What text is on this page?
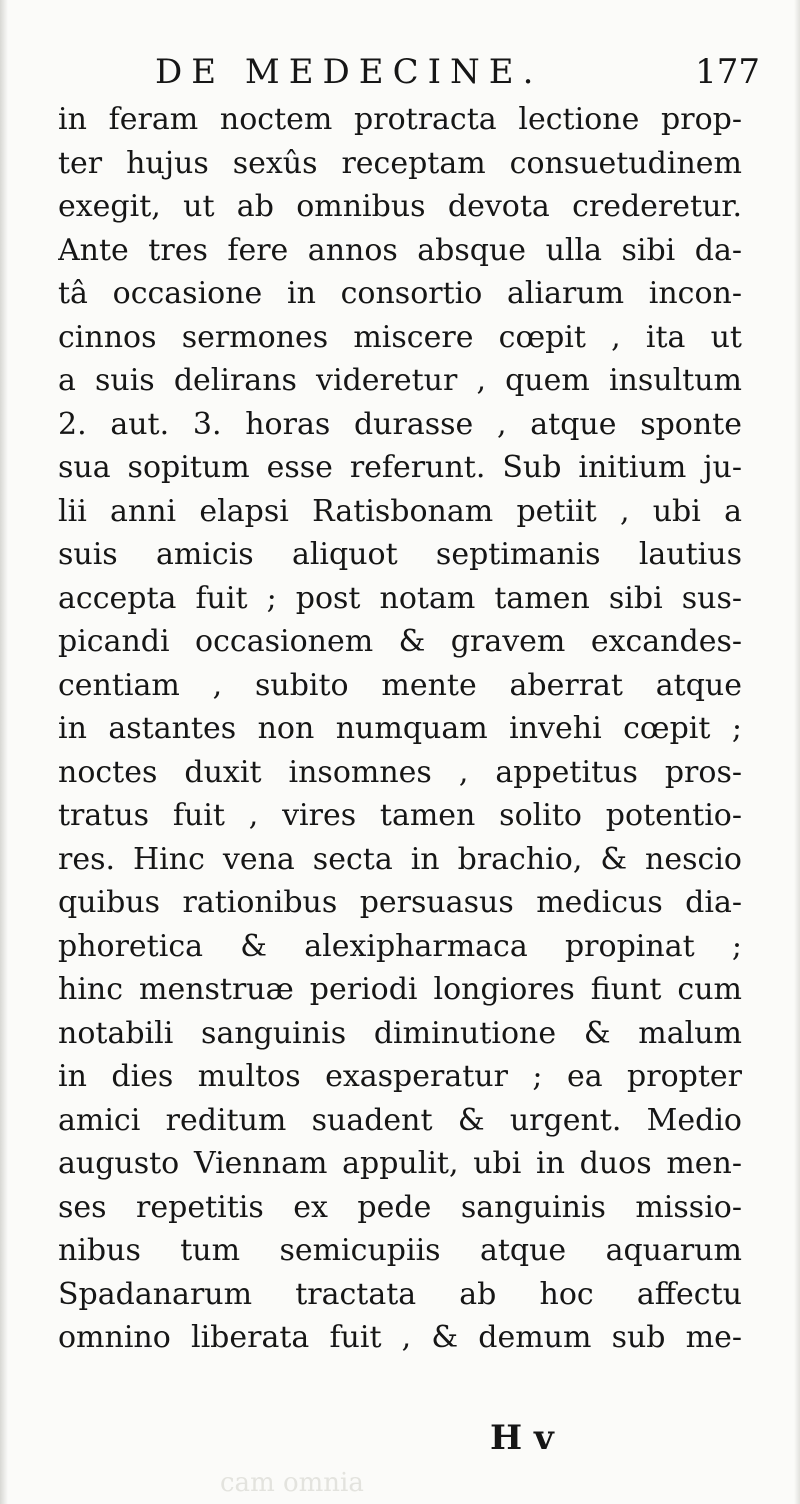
DE MEDECINE.	177
in feram noctem protracta lectione prop-
ter hujus sexûs receptam consuetudinem
exegit, ut ab omnibus devota crederetur.
Ante tres fere annos absque ulla sibi da-
tâ occasione in consortio aliarum incon-
cinnos sermones miscere cœpit , ita ut
a suis delirans videretur , quem insultum
2. aut. 3. horas durasse , atque sponte
sua sopitum esse referunt. Sub initium ju-
lii anni elapsi Ratisbonam petiit , ubi a
suis amicis aliquot septimanis lautius
accepta fuit ; post notam tamen sibi sus-
picandi occasionem & gravem excandes-
centiam , subito mente aberrat atque
in astantes non numquam invehi cœpit ;
noctes duxit insomnes , appetitus pros-
tratus fuit , vires tamen solito potentio-
res. Hinc vena secta in brachio, & nescio
quibus rationibus persuasus medicus dia-
phoretica & alexipharmaca propinat ;
hinc menstruæ periodi longiores fiunt cum
notabili sanguinis diminutione & malum
in dies multos exasperatur ; ea propter
amici reditum suadent & urgent. Medio
augusto Viennam appulit, ubi in duos men-
ses repetitis ex pede sanguinis missio-
nibus tum semicupiis atque aquarum
Spadanarum tractata ab hoc affectu
omnino liberata fuit , & demum sub me-
H v
cam omnia
